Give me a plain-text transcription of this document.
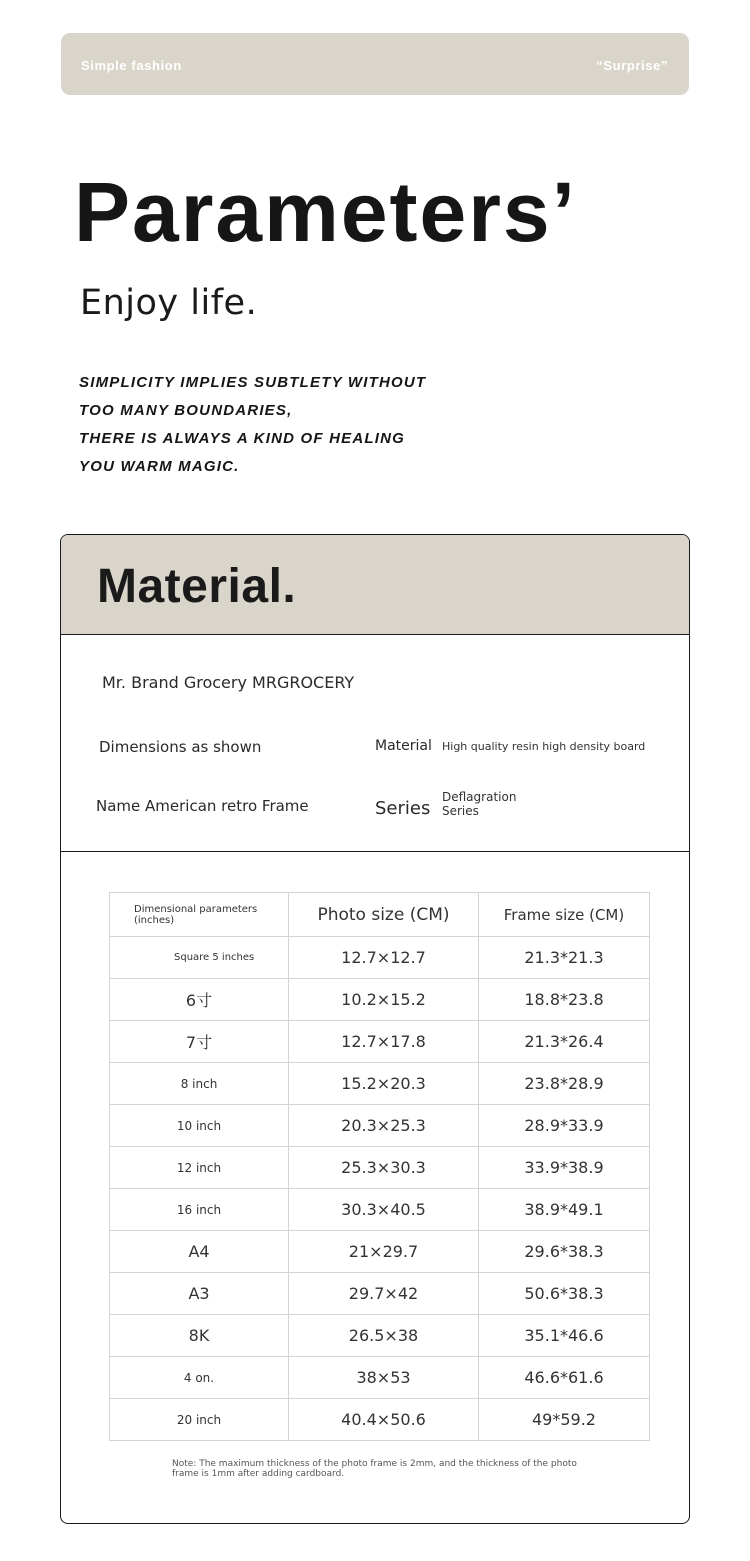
Simple fashion	“Surprise”
Parameters’
Enjoy life.
SIMPLICITY IMPLIES SUBTLETY WITHOUT
TOO MANY BOUNDARIES,
THERE IS ALWAYS A KIND OF HEALING
YOU WARM MAGIC.
Material.
Mr. Brand Grocery MRGROCERY
Dimensions as shown
Name American retro Frame
Material High quality resin high density board
Series
Deflagration
Series
Dimensional parameters (inches)	Photo size (CM)	Frame size (CM)
Square 5 inches	12.7×12.7	21.3*21.3
6寸	10.2×15.2	18.8*23.8
7寸	12.7×17.8	21.3*26.4
8 inch	15.2×20.3	23.8*28.9
10 inch	20.3×25.3	28.9*33.9
12 inch	25.3×30.3	33.9*38.9
16 inch	30.3×40.5	38.9*49.1
A4	21×29.7	29.6*38.3
A3	29.7×42	50.6*38.3
8K	26.5×38	35.1*46.6
4 on.	38×53	46.6*61.6
20 inch	40.4×50.6	49*59.2
Note: The maximum thickness of the photo frame is 2mm, and the thickness of the photo frame is 1mm after adding cardboard.
